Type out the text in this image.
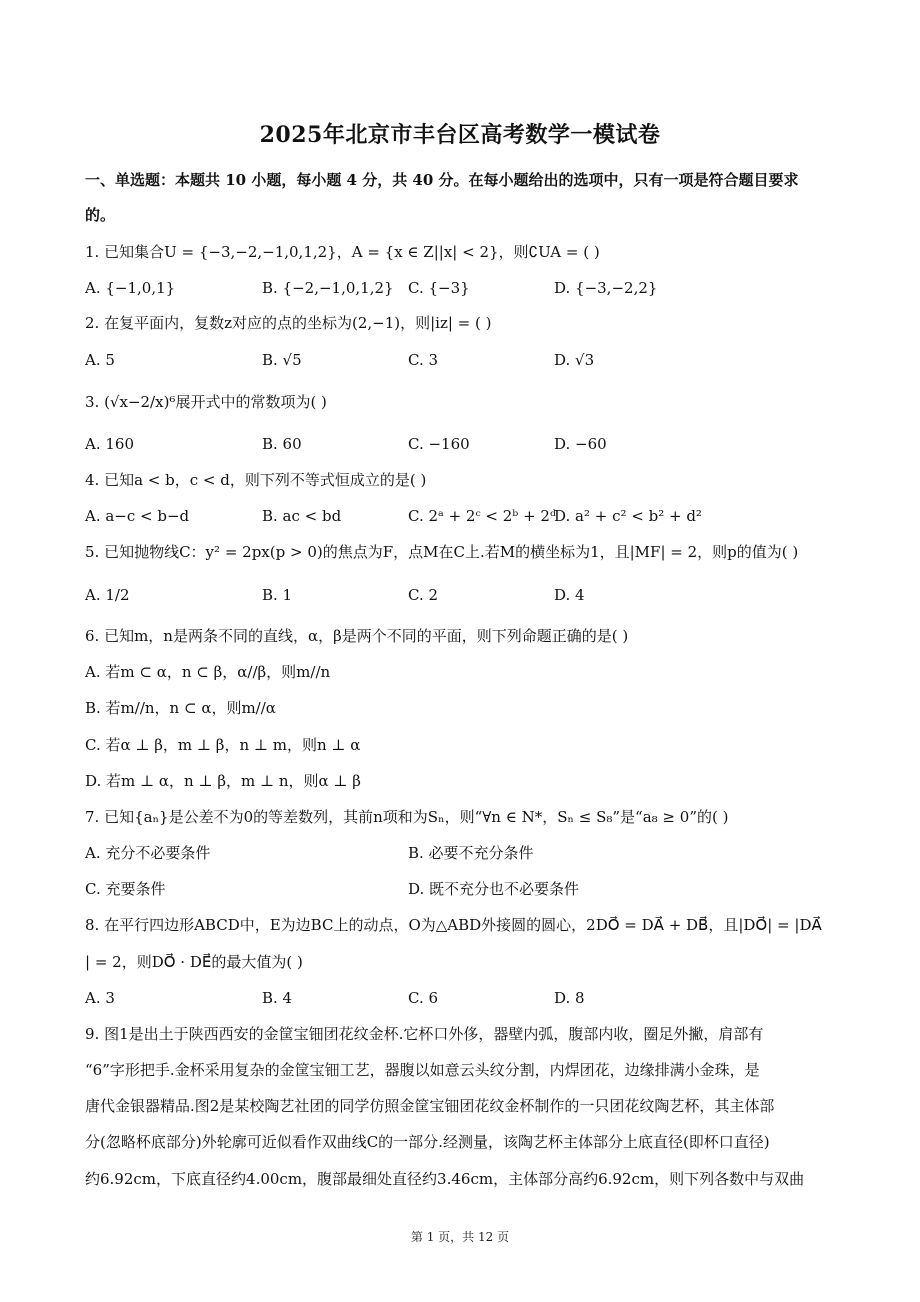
2025年北京市丰台区高考数学一模试卷
一、单选题：本题共 10 小题，每小题 4 分，共 40 分。在每小题给出的选项中，只有一项是符合题目要求
的。
1. 已知集合U = {−3,−2,−1,0,1,2}，A = {x ∈ Z||x| < 2}，则∁UA = ( )
A. {−1,0,1}	B. {−2,−1,0,1,2} C. {−3}	D. {−3,−2,2}
2. 在复平面内，复数z对应的点的坐标为(2,−1)，则|iz| = ( )
A. 5	B. √5	C. 3	D. √3
3. (√x−2/x)⁶展开式中的常数项为( )
A. 160	B. 60	C. −160	D. −60
4. 已知a < b，c < d，则下列不等式恒成立的是( )
A. a−c < b−d	B. ac < bd	C. 2ᵃ + 2ᶜ < 2ᵇ + 2ᵈ
D. a² + c² < b² + d²
5. 已知抛物线C：y² = 2px(p > 0)的焦点为F，点M在C上.若M的横坐标为1，且|MF| = 2，则p的值为( )
A. 1/2	B. 1	C. 2	D. 4
6. 已知m，n是两条不同的直线，α，β是两个不同的平面，则下列命题正确的是( )
A. 若m ⊂ α，n ⊂ β，α//β，则m//n
B. 若m//n，n ⊂ α，则m//α
C. 若α ⊥ β，m ⊥ β，n ⊥ m，则n ⊥ α
D. 若m ⊥ α，n ⊥ β，m ⊥ n，则α ⊥ β
7. 已知{aₙ}是公差不为0的等差数列，其前n项和为Sₙ，则“∀n ∈ N*，Sₙ ≤ S₈”是“a₈ ≥ 0”的( )
A. 充分不必要条件	B. 必要不充分条件
C. 充要条件	D. 既不充分也不必要条件
8. 在平行四边形ABCD中，E为边BC上的动点，O为△ABD外接圆的圆心，2DO⃗ = DA⃗ + DB⃗，且|DO⃗| = |DA⃗
| = 2，则DO⃗ · DE⃗的最大值为( )
A. 3	B. 4	C. 6	D. 8
9. 图1是出土于陕西西安的金筐宝钿团花纹金杯.它杯口外侈，器壁内弧，腹部内收，圈足外撇，肩部有
“6”字形把手.金杯采用复杂的金筐宝钿工艺，器腹以如意云头纹分割，内焊团花，边缘排满小金珠，是
唐代金银器精品.图2是某校陶艺社团的同学仿照金筐宝钿团花纹金杯制作的一只团花纹陶艺杯，其主体部
分(忽略杯底部分)外轮廓可近似看作双曲线C的一部分.经测量，该陶艺杯主体部分上底直径(即杯口直径)
约6.92cm，下底直径约4.00cm，腹部最细处直径约3.46cm，主体部分高约6.92cm，则下列各数中与双曲
第 1 页，共 12 页
